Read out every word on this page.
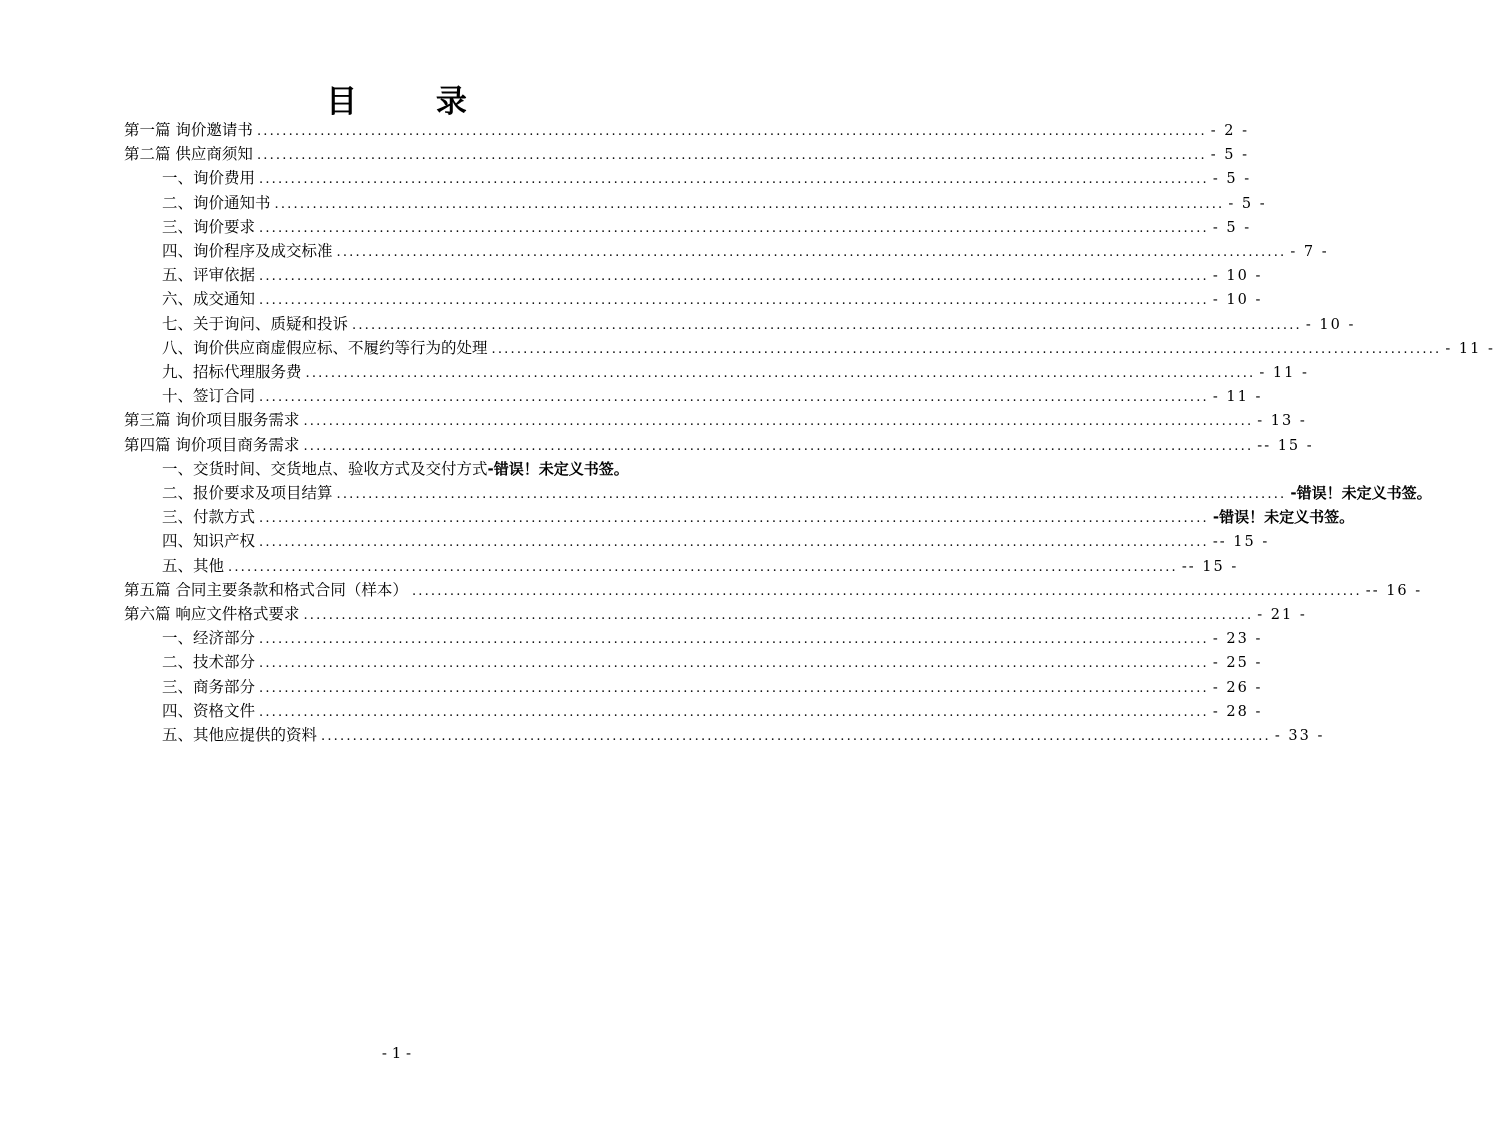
目 录
第一篇 询价邀请书 ...................................................................................................................................................... - 2 -
第二篇 供应商须知 ...................................................................................................................................................... - 5 -
一、询价费用 ...................................................................................................................................................... - 5 -
二、询价通知书 ...................................................................................................................................................... - 5 -
三、询价要求 ...................................................................................................................................................... - 5 -
四、询价程序及成交标准 ...................................................................................................................................................... - 7 -
五、评审依据 ...................................................................................................................................................... - 10 -
六、成交通知 ...................................................................................................................................................... - 10 -
七、关于询问、质疑和投诉 ...................................................................................................................................................... - 10 -
八、询价供应商虚假应标、不履约等行为的处理 ...................................................................................................................................................... - 11 -
九、招标代理服务费 ...................................................................................................................................................... - 11 -
十、签订合同 ...................................................................................................................................................... - 11 -
第三篇 询价项目服务需求 ...................................................................................................................................................... - 13 -
第四篇 询价项目商务需求 ...................................................................................................................................................... -- 15 -
一、交货时间、交货地点、验收方式及交付方式 -错误！未定义书签。
二、报价要求及项目结算 ...................................................................................................................................................... -错误！未定义书签。
三、付款方式 ...................................................................................................................................................... -错误！未定义书签。
四、知识产权 ...................................................................................................................................................... -- 15 -
五、其他 ...................................................................................................................................................... -- 15 -
第五篇 合同主要条款和格式合同（样本） ...................................................................................................................................................... -- 16 -
第六篇 响应文件格式要求 ...................................................................................................................................................... - 21 -
一、经济部分 ...................................................................................................................................................... - 23 -
二、技术部分 ...................................................................................................................................................... - 25 -
三、商务部分 ...................................................................................................................................................... - 26 -
四、资格文件 ...................................................................................................................................................... - 28 -
五、其他应提供的资料 ...................................................................................................................................................... - 33 -
- 1 -
